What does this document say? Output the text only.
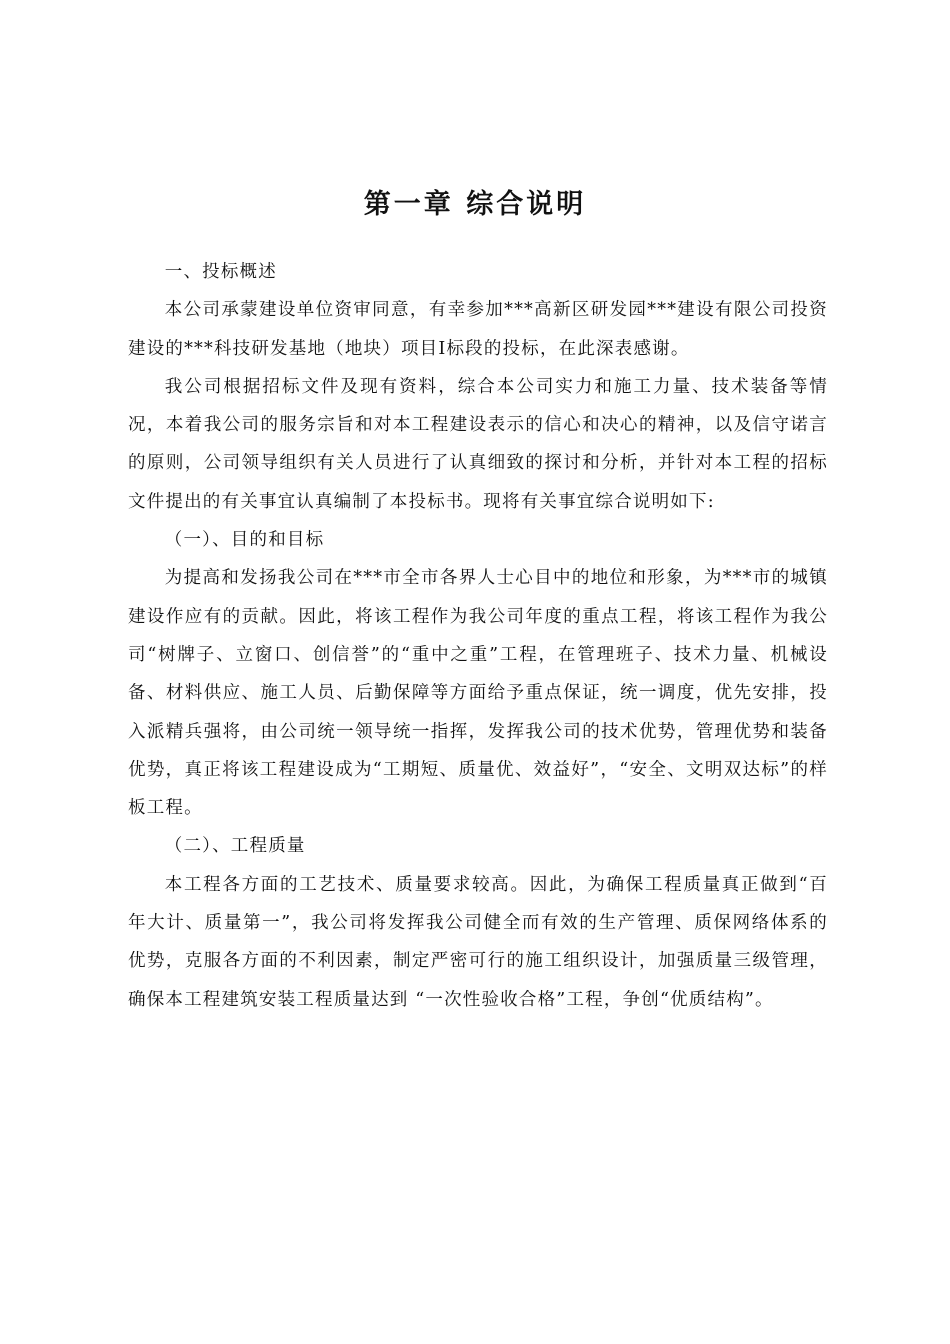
第一章 综合说明

一、投标概述

本公司承蒙建设单位资审同意，有幸参加***高新区研发园***建设有限公司投资建设的***科技研发基地（地块）项目Ⅰ标段的投标，在此深表感谢。

我公司根据招标文件及现有资料，综合本公司实力和施工力量、技术装备等情况，本着我公司的服务宗旨和对本工程建设表示的信心和决心的精神，以及信守诺言的原则，公司领导组织有关人员进行了认真细致的探讨和分析，并针对本工程的招标文件提出的有关事宜认真编制了本投标书。现将有关事宜综合说明如下:

（一）、目的和目标

为提高和发扬我公司在***市全市各界人士心目中的地位和形象，为***市的城镇建设作应有的贡献。因此，将该工程作为我公司年度的重点工程，将该工程作为我公司“树牌子、立窗口、创信誉”的“重中之重”工程，在管理班子、技术力量、机械设备、材料供应、施工人员、后勤保障等方面给予重点保证，统一调度，优先安排，投入派精兵强将，由公司统一领导统一指挥，发挥我公司的技术优势，管理优势和装备优势，真正将该工程建设成为“工期短、质量优、效益好”，“安全、文明双达标”的样板工程。

（二）、工程质量

本工程各方面的工艺技术、质量要求较高。因此，为确保工程质量真正做到“百年大计、质量第一”，我公司将发挥我公司健全而有效的生产管理、质保网络体系的优势，克服各方面的不利因素，制定严密可行的施工组织设计，加强质量三级管理，确保本工程建筑安装工程质量达到 “一次性验收合格”工程，争创“优质结构”。
